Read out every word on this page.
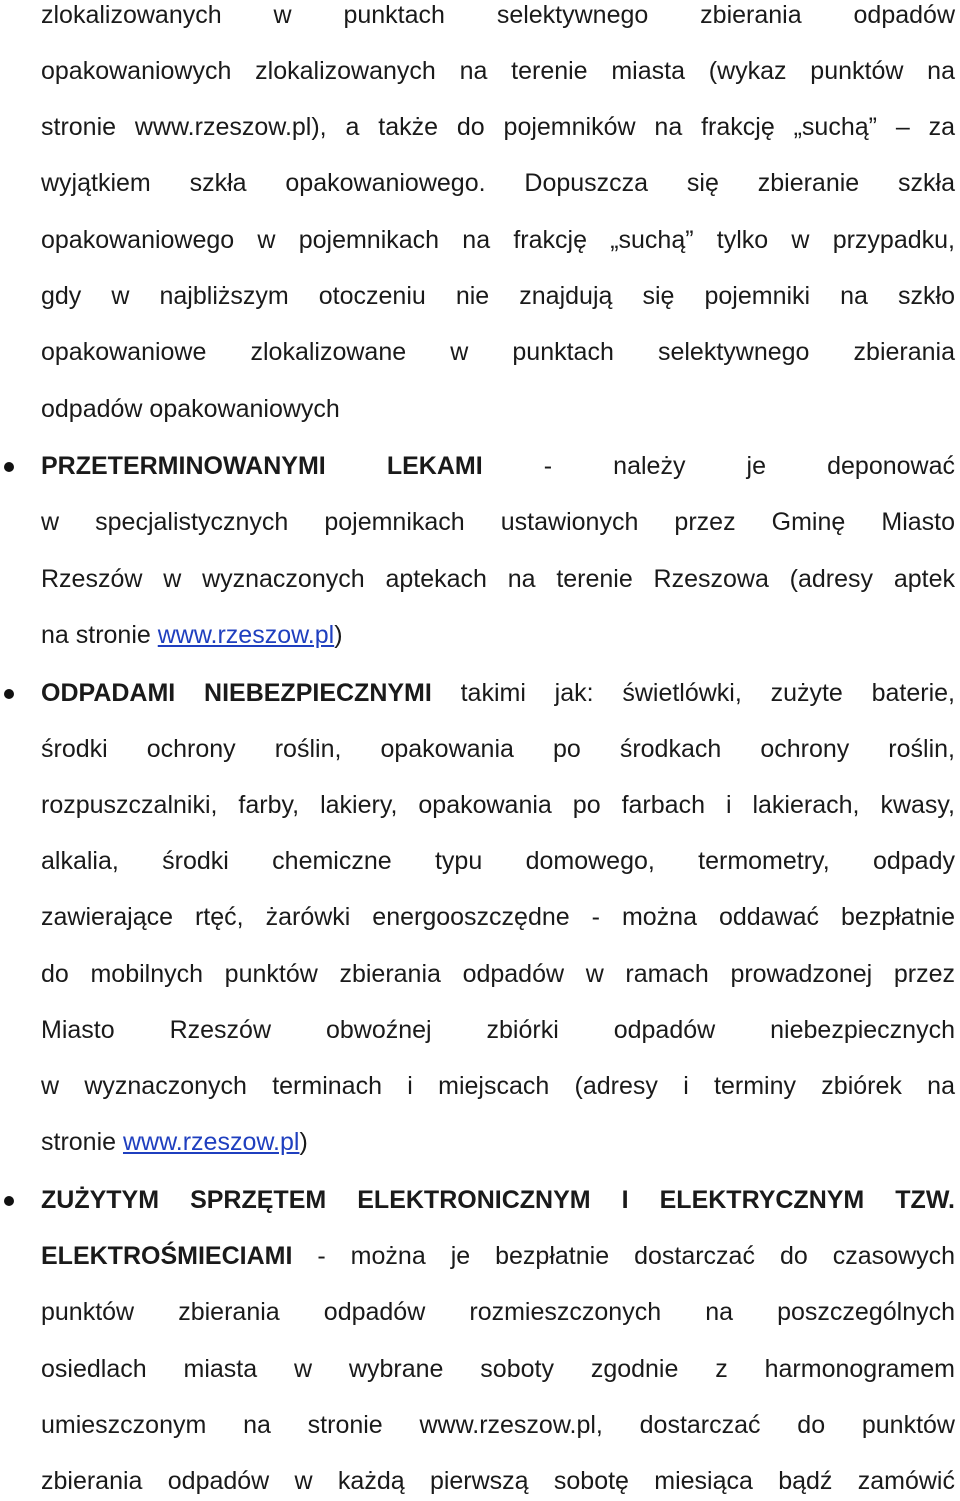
zlokalizowanych w punktach selektywnego zbierania odpadów
opakowaniowych zlokalizowanych na terenie miasta (wykaz punktów na
stronie www.rzeszow.pl), a także do pojemników na frakcję „suchą” – za
wyjątkiem szkła opakowaniowego. Dopuszcza się zbieranie szkła
opakowaniowego w pojemnikach na frakcję „suchą” tylko w przypadku,
gdy w najbliższym otoczeniu nie znajdują się pojemniki na szkło
opakowaniowe zlokalizowane w punktach selektywnego zbierania
odpadów opakowaniowych
PRZETERMINOWANYMI LEKAMI - należy je deponować
w specjalistycznych pojemnikach ustawionych przez Gminę Miasto
Rzeszów w wyznaczonych aptekach na terenie Rzeszowa (adresy aptek
na stronie www.rzeszow.pl)
ODPADAMI NIEBEZPIECZNYMI takimi jak: świetlówki, zużyte baterie,
środki ochrony roślin, opakowania po środkach ochrony roślin,
rozpuszczalniki, farby, lakiery, opakowania po farbach i lakierach, kwasy,
alkalia, środki chemiczne typu domowego, termometry, odpady
zawierające rtęć, żarówki energooszczędne - można oddawać bezpłatnie
do mobilnych punktów zbierania odpadów w ramach prowadzonej przez
Miasto Rzeszów obwoźnej zbiórki odpadów niebezpiecznych
w wyznaczonych terminach i miejscach (adresy i terminy zbiórek na
stronie www.rzeszow.pl)
ZUŻYTYM SPRZĘTEM ELEKTRONICZNYM I ELEKTRYCZNYM TZW.
ELEKTROŚMIECIAMI - można je bezpłatnie dostarczać do czasowych
punktów zbierania odpadów rozmieszczonych na poszczególnych
osiedlach miasta w wybrane soboty zgodnie z harmonogramem
umieszczonym na stronie www.rzeszow.pl, dostarczać do punktów
zbierania odpadów w każdą pierwszą sobotę miesiąca bądź zamówić
